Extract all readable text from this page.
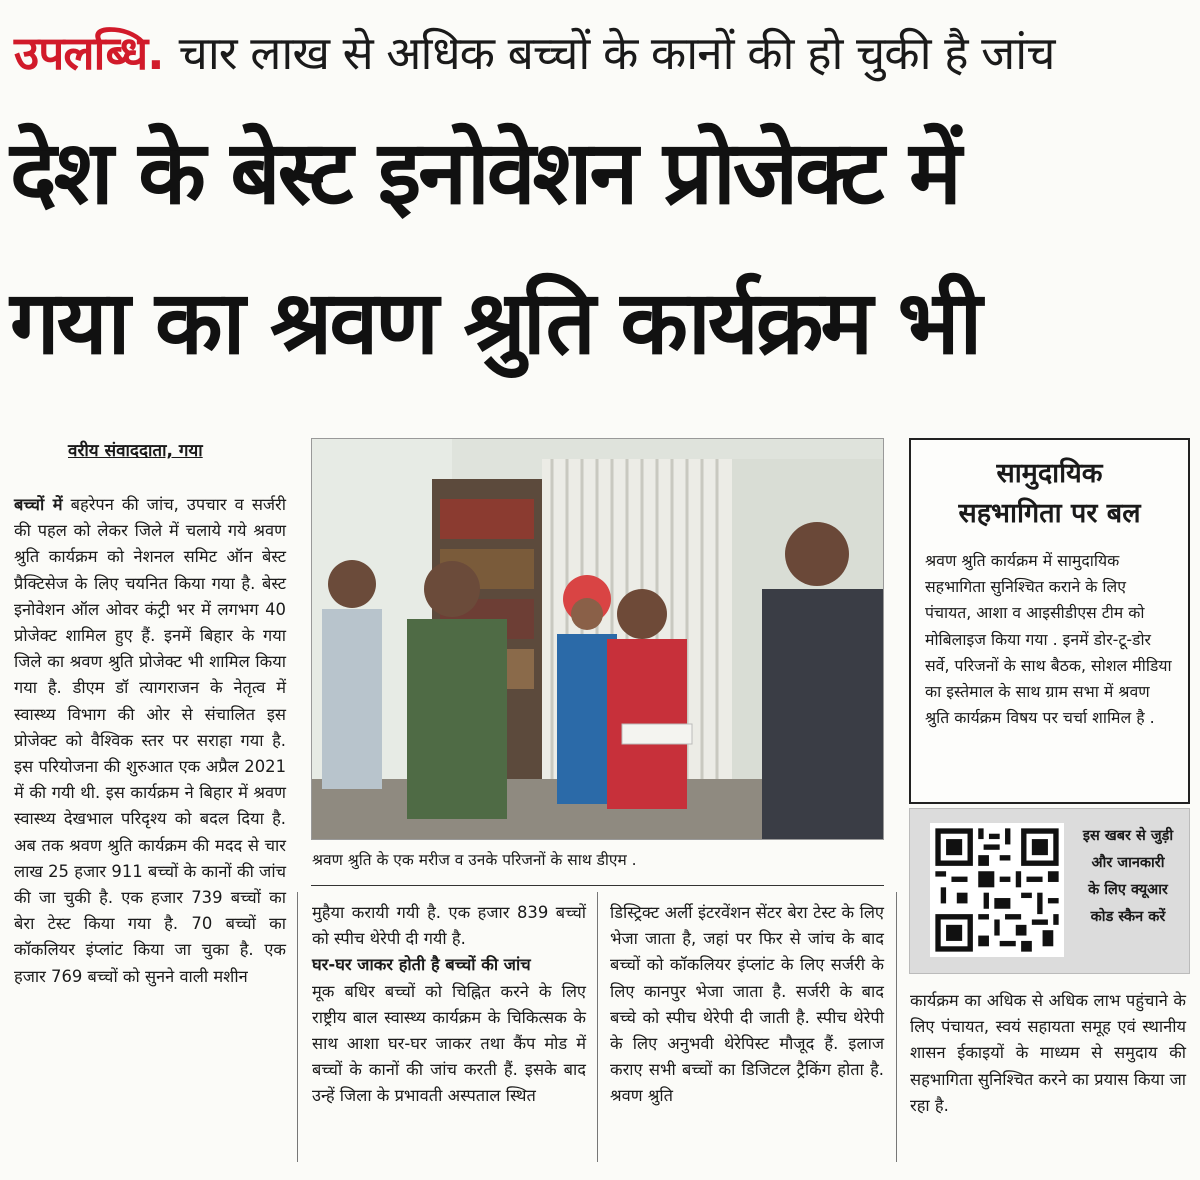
उपलब्धि. चार लाख से अधिक बच्चों के कानों की हो चुकी है जांच
देश के बेस्ट इनोवेशन प्रोजेक्ट में
गया का श्रवण श्रुति कार्यक्रम भी
वरीय संवाददाता, गया

बच्चों में बहरेपन की जांच, उपचार व सर्जरी की पहल को लेकर जिले में चलाये गये श्रवण श्रुति कार्यक्रम को नेशनल समिट ऑन बेस्ट प्रैक्टिसेज के लिए चयनित किया गया है. बेस्ट इनोवेशन ऑल ओवर कंट्री भर में लगभग 40 प्रोजेक्ट शामिल हुए हैं. इनमें बिहार के गया जिले का श्रवण श्रुति प्रोजेक्ट भी शामिल किया गया है. डीएम डॉ त्यागराजन के नेतृत्व में स्वास्थ्य विभाग की ओर से संचालित इस प्रोजेक्ट को वैश्विक स्तर पर सराहा गया है. इस परियोजना की शुरुआत एक अप्रैल 2021 में की गयी थी. इस कार्यक्रम ने बिहार में श्रवण स्वास्थ्य देखभाल परिदृश्य को बदल दिया है. अब तक श्रवण श्रुति कार्यक्रम की मदद से चार लाख 25 हजार 911 बच्चों के कानों की जांच की जा चुकी है. एक हजार 739 बच्चों का बेरा टेस्ट किया गया है. 70 बच्चों का कॉकलियर इंप्लांट किया जा चुका है. एक हजार 769 बच्चों को सुनने वाली मशीन

श्रवण श्रुति के एक मरीज व उनके परिजनों के साथ डीएम .

मुहैया करायी गयी है. एक हजार 839 बच्चों को स्पीच थेरेपी दी गयी है.

घर-घर जाकर होती है बच्चों की जांच

मूक बधिर बच्चों को चिह्नित करने के लिए राष्ट्रीय बाल स्वास्थ्य कार्यक्रम के चिकित्सक के साथ आशा घर-घर जाकर तथा कैंप मोड में बच्चों के कानों की जांच करती हैं. इसके बाद उन्हें जिला के प्रभावती अस्पताल स्थित

डिस्ट्रिक्ट अर्ली इंटरवेंशन सेंटर बेरा टेस्ट के लिए भेजा जाता है, जहां पर फिर से जांच के बाद बच्चों को कॉकलियर इंप्लांट के लिए सर्जरी के लिए कानपुर भेजा जाता है. सर्जरी के बाद बच्चे को स्पीच थेरेपी दी जाती है. स्पीच थेरेपी के लिए अनुभवी थेरेपिस्ट मौजूद हैं. इलाज कराए सभी बच्चों का डिजिटल ट्रैकिंग होता है. श्रवण श्रुति

सामुदायिक
सहभागिता पर बल
श्रवण श्रुति कार्यक्रम में सामुदायिक सहभागिता सुनिश्चित कराने के लिए पंचायत, आशा व आइसीडीएस टीम को मोबिलाइज किया गया . इनमें डोर-टू-डोर सर्वे, परिजनों के साथ बैठक, सोशल मीडिया का इस्तेमाल के साथ ग्राम सभा में श्रवण श्रुति कार्यक्रम विषय पर चर्चा शामिल है .
इस खबर से जुड़ी
और जानकारी
के लिए क्यूआर
कोड स्कैन करें

कार्यक्रम का अधिक से अधिक लाभ पहुंचाने के लिए पंचायत, स्वयं सहायता समूह एवं स्थानीय शासन ईकाइयों के माध्यम से समुदाय की सहभागिता सुनिश्चित करने का प्रयास किया जा रहा है.
